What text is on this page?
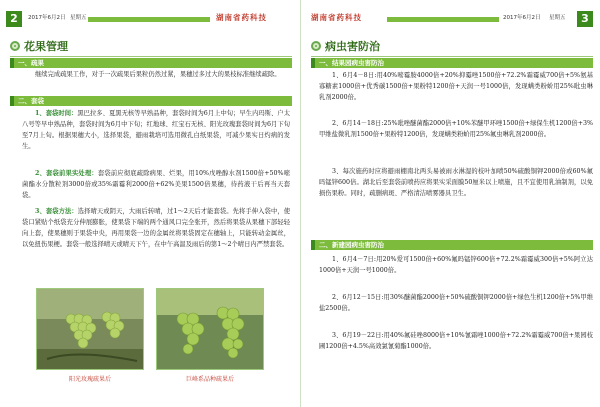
2	2017年6月2日 星期五	湖南省药科技
花果管理
一、疏果
继续完成疏果工作，对于一次疏果后果粒仍然过紧，果穗过多过大的果枝标准继续疏除。
二、套袋
1、套袋时间：黑巴拉多、夏黑无核等早熟品种，套袋时间为6月上中旬；早生内玛斯、户太八号等早中熟品种，套袋时间为6月中下旬；红地球、红宝石无核、阳光玫瑰套袋时间为6月下旬至7月上旬。根据果穗大小，选择果袋，避雨栽培可选用微孔白纸果袋，可减少果实日灼病的发生。
2、套袋前果实处理：套袋前应彻底疏除病果、烂果，用10%戊唑醇水剂1500倍+50%嘧菌酯水分散粒剂3000倍或35%霜霉利2000倍+62%美果1500倍果穗，待药液干后再当天套袋。
3、套袋方法：选择晴天或阴天，大雨后转晴，过1～2天后才能套袋。先将手伸入袋中，使袋口紧贴个纸袋充分伸展膨胀，使果袋下端的两个通风口完全张开，然后将果袋从果穗下部轻轻向上套，使果穗则于果袋中央，再用果袋一边的金属丝将果袋固定在穗轴上，只能转动金属丝，以免扭伤果梗。套袋一般选择晴天或晴天下午，在中午高温及雨后的第1～2个晴日内严禁套袋。
阳光玫瑰疏果后	巨峰系品种疏果后
湖南省药科技	2017年6月2日 星期五	3
病虫害防治
一、结果园病虫害防治
1、6月4－8日:用40%嘧霉胺4000倍+20%抑霉唑1500倍+72.2%霜霉威700倍+5%氨基寡糖素1000倍+优秀碳1500倍+果粉特1200倍+天润一号1000倍，发现螨类粉蚧用25%吡虫啉乳剂2000倍。
2、6月14－18日:25%吡唑醚菌酯2000倍+10%苯醚甲环唑1500倍+绿保生机1200倍+3%甲维盐微乳剂1500倍+果粉特1200倍，发现螨类粉蚧用25%氟虫啉乳剂2000倍。
3、每次施药时应将避雨棚南北两头易被雨水淋湿的枝叶加喷50%硫酸铜钾2000倍或60%氟吗锰锌600倍。湖北后至套袋前喷药应将果实采面膜50厘米以上喷施，且不宜使用乳油制剂，以免损伤果粉。同时，疏删病斑、严格清洁喷雾器具卫生。
二、新建园病虫害防治
1、6月4－7日:用20%爱可1500倍+60%氟吗锰锌600倍+72.2%霜霉威300倍+5%阿立达1000倍+天润一号1000倍。
2、6月12－15日:用30%醚菌酯2000倍+50%硫酸铜钾2000倍+绿色生机1200倍+5%甲维盐2500倍。
3、6月19－22日:用40%氟硅唑8000倍+10%氰霜唑1000倍+72.2%霜霉威700倍+果园枝圃1200倍+4.5%高效氯氰菊酯1000倍。
